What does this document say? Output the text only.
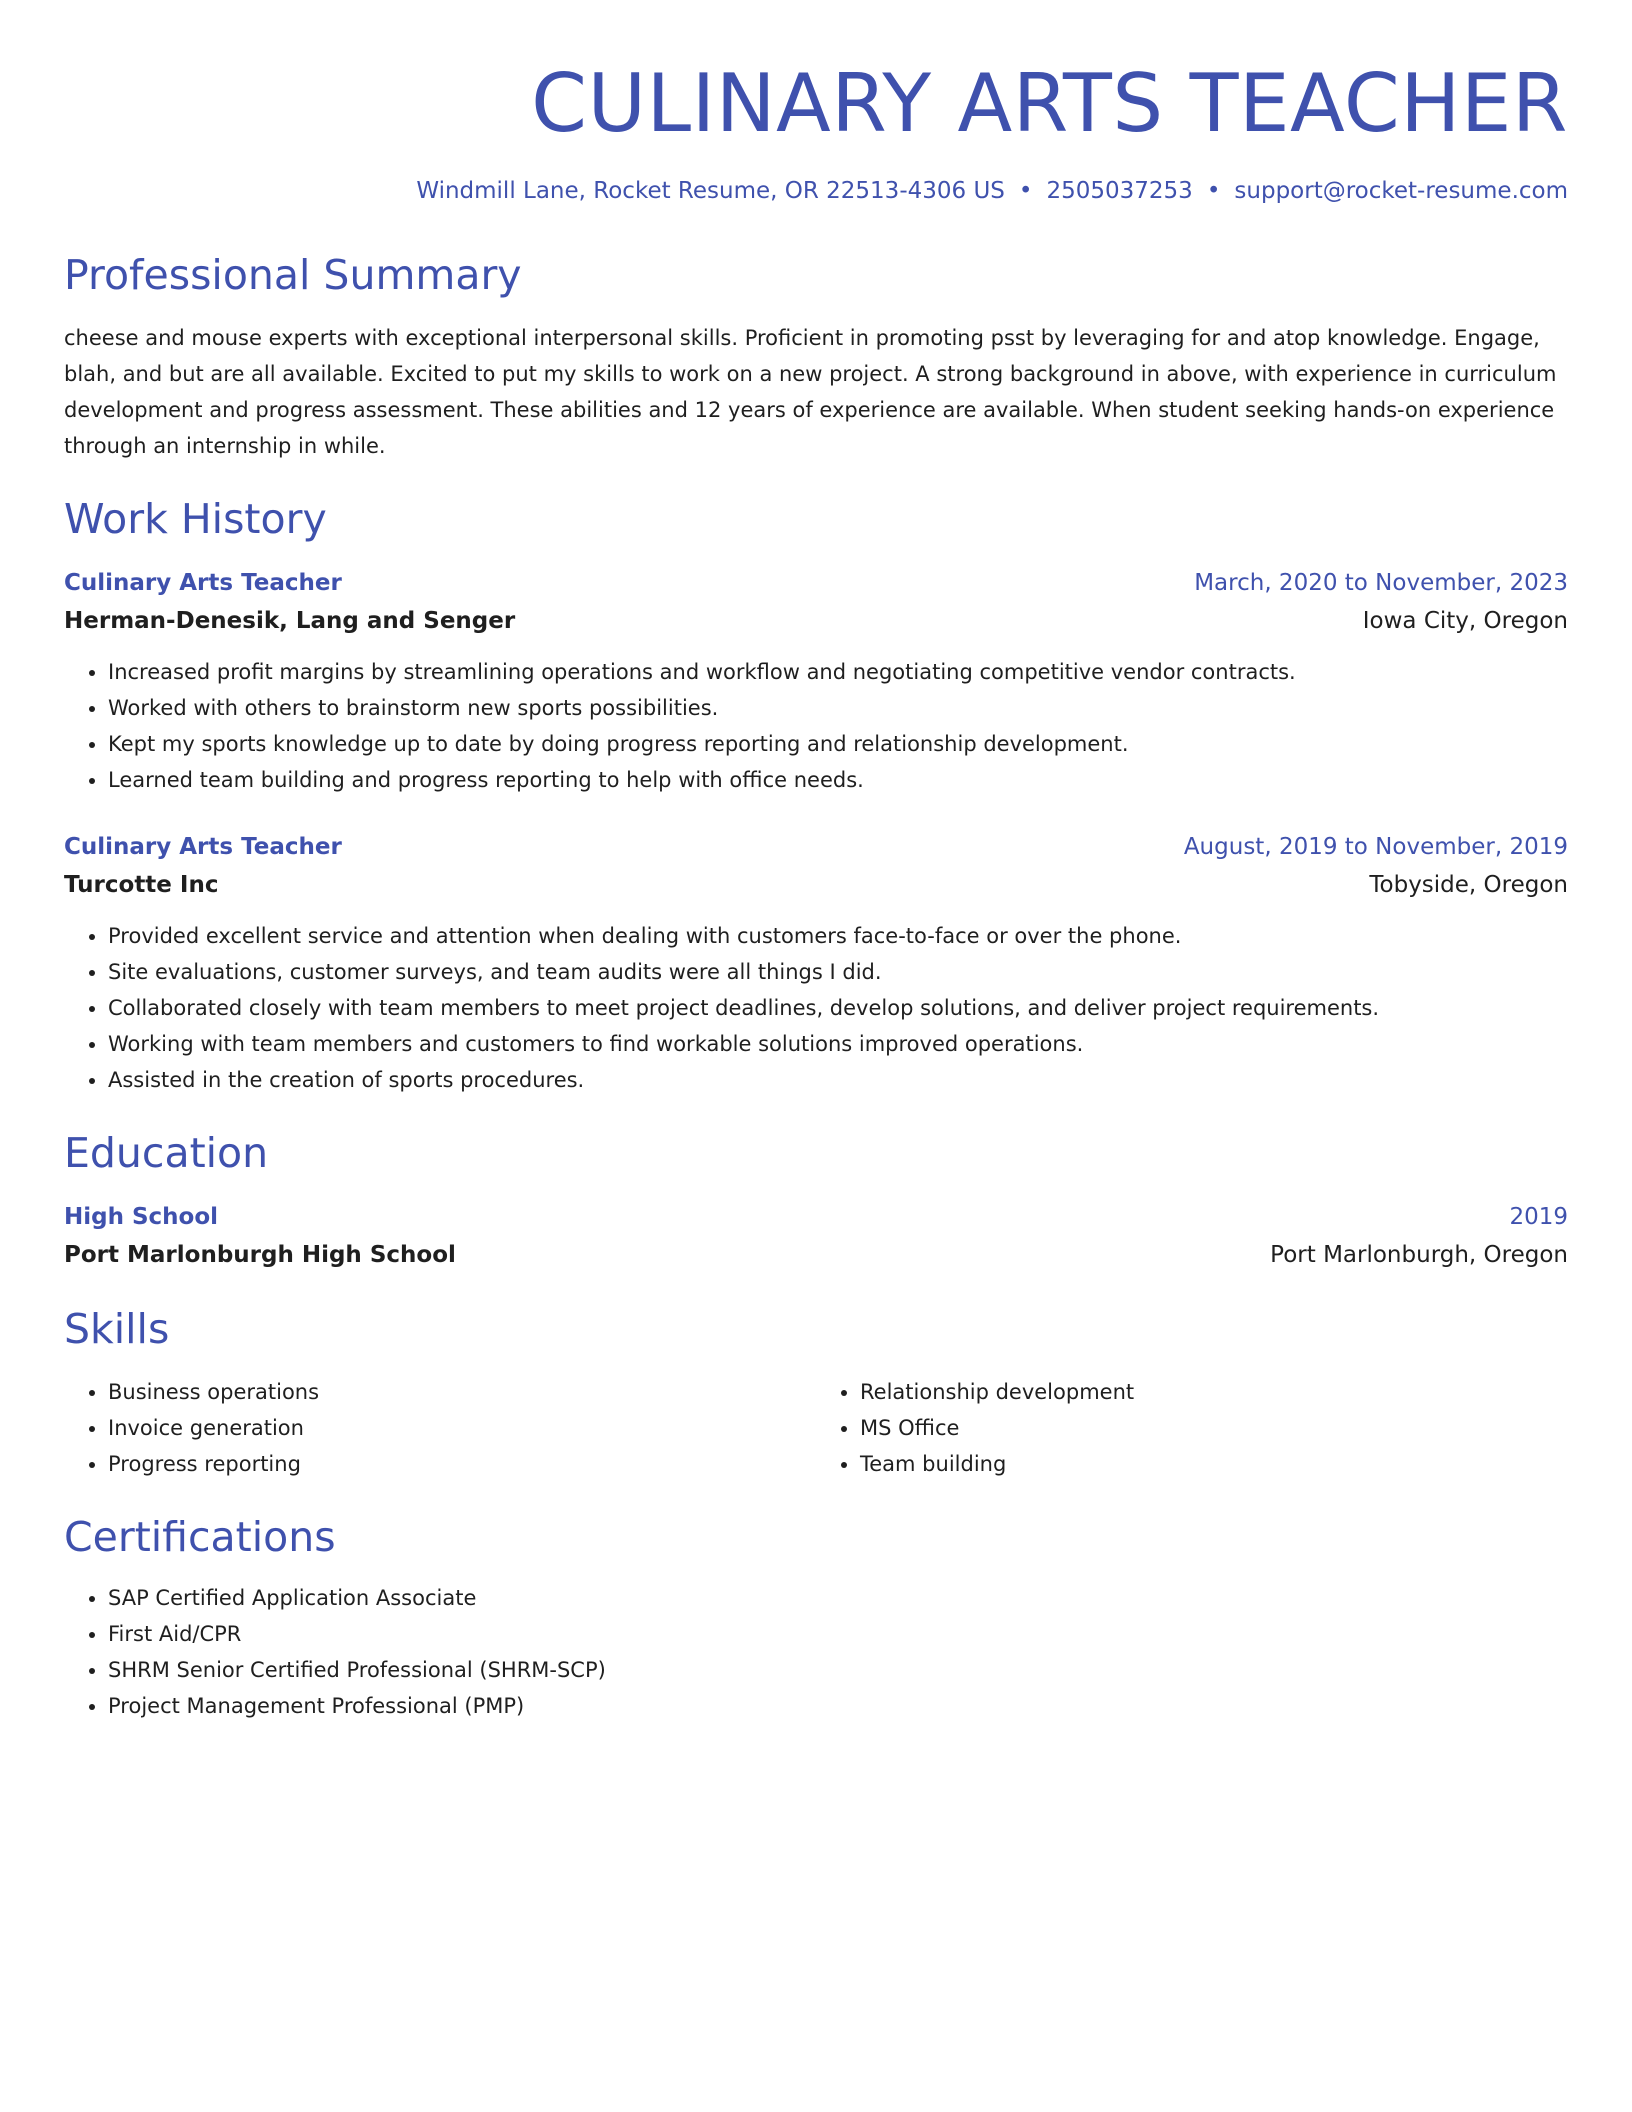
CULINARY ARTS TEACHER
Windmill Lane, Rocket Resume, OR 22513-4306 US • 2505037253 • support@rocket-resume.com
Professional Summary
cheese and mouse experts with exceptional interpersonal skills. Proficient in promoting psst by leveraging for and atop knowledge. Engage, blah, and but are all available. Excited to put my skills to work on a new project. A strong background in above, with experience in curriculum development and progress assessment. These abilities and 12 years of experience are available. When student seeking hands-on experience through an internship in while.
Work History
Culinary Arts Teacher	March, 2020 to November, 2023
Herman-Denesik, Lang and Senger	Iowa City, Oregon
• Increased profit margins by streamlining operations and workflow and negotiating competitive vendor contracts.
• Worked with others to brainstorm new sports possibilities.
• Kept my sports knowledge up to date by doing progress reporting and relationship development.
• Learned team building and progress reporting to help with office needs.
Culinary Arts Teacher	August, 2019 to November, 2019
Turcotte Inc	Tobyside, Oregon
• Provided excellent service and attention when dealing with customers face-to-face or over the phone.
• Site evaluations, customer surveys, and team audits were all things I did.
• Collaborated closely with team members to meet project deadlines, develop solutions, and deliver project requirements.
• Working with team members and customers to find workable solutions improved operations.
• Assisted in the creation of sports procedures.
Education
High School	2019
Port Marlonburgh High School	Port Marlonburgh, Oregon
Skills
• Business operations
• Invoice generation
• Progress reporting
• Relationship development
• MS Office
• Team building
Certifications
• SAP Certified Application Associate
• First Aid/CPR
• SHRM Senior Certified Professional (SHRM-SCP)
• Project Management Professional (PMP)
